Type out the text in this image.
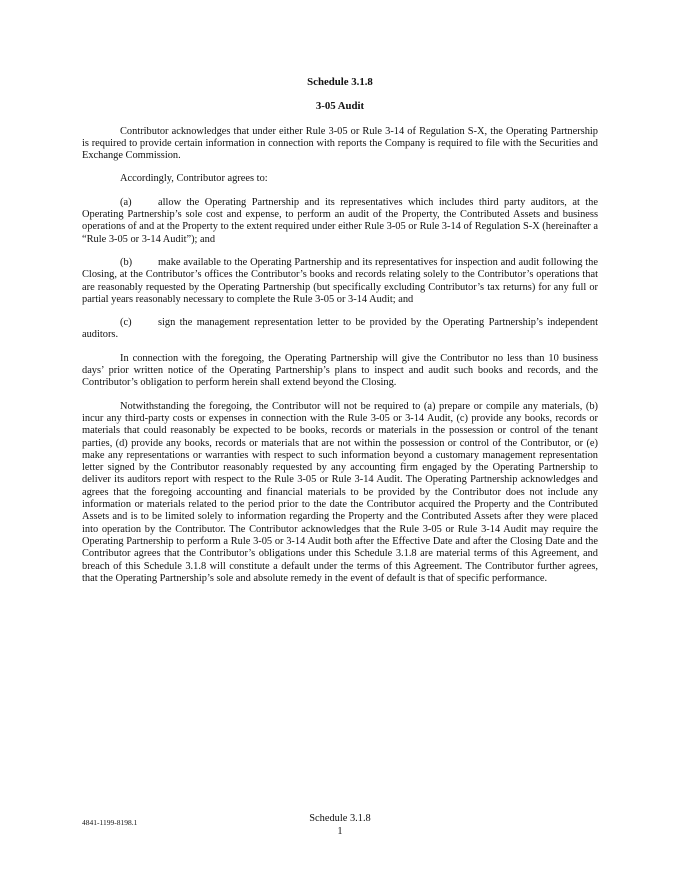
Schedule 3.1.8

3-05 Audit

Contributor acknowledges that under either Rule 3-05 or Rule 3-14 of Regulation S-X, the Operating Partnership is required to provide certain information in connection with reports the Company is required to file with the Securities and Exchange Commission.

Accordingly, Contributor agrees to:

(a)	allow the Operating Partnership and its representatives which includes third party auditors, at the Operating Partnership’s sole cost and expense, to perform an audit of the Property, the Contributed Assets and business operations of and at the Property to the extent required under either Rule 3-05 or Rule 3-14 of Regulation S-X (hereinafter a “Rule 3-05 or 3-14 Audit”); and

(b) make available to the Operating Partnership and its representatives for inspection and audit following the Closing, at the Contributor’s offices the Contributor’s books and records relating solely to the Contributor’s operations that are reasonably requested by the Operating Partnership (but specifically excluding Contributor’s tax returns) for any full or partial years reasonably necessary to complete the Rule 3-05 or 3-14 Audit; and

(c)	sign the management representation letter to be provided by the Operating Partnership’s independent auditors.

In connection with the foregoing, the Operating Partnership will give the Contributor no less than 10 business days’ prior written notice of the Operating Partnership’s plans to inspect and audit such books and records, and the Contributor’s obligation to perform herein shall extend beyond the Closing.

Notwithstanding the foregoing, the Contributor will not be required to (a) prepare or compile any materials, (b) incur any third-party costs or expenses in connection with the Rule 3-05 or 3-14 Audit, (c) provide any books, records or materials that could reasonably be expected to be books, records or materials in the possession or control of the tenant parties, (d) provide any books, records or materials that are not within the possession or control of the Contributor, or (e) make any representations or warranties with respect to such information beyond a customary management representation letter signed by the Contributor reasonably requested by any accounting firm engaged by the Operating Partnership to deliver its auditors report with respect to the Rule 3-05 or Rule 3-14 Audit. The Operating Partnership acknowledges and agrees that the foregoing accounting and financial materials to be provided by the Contributor does not include any information or materials related to the period prior to the date the Contributor acquired the Property and the Contributed Assets and is to be limited solely to information regarding the Property and the Contributed Assets after they were placed into operation by the Contributor. The Contributor acknowledges that the Rule 3-05 or Rule 3-14 Audit may require the Operating Partnership to perform a Rule 3-05 or 3-14 Audit both after the Effective Date and after the Closing Date and the Contributor agrees that the Contributor’s obligations under this Schedule 3.1.8 are material terms of this Agreement, and breach of this Schedule 3.1.8 will constitute a default under the terms of this Agreement. The Contributor further agrees, that the Operating Partnership’s sole and absolute remedy in the event of default is that of specific performance.

4841-1199-8198.1	Schedule 3.1.8
1
